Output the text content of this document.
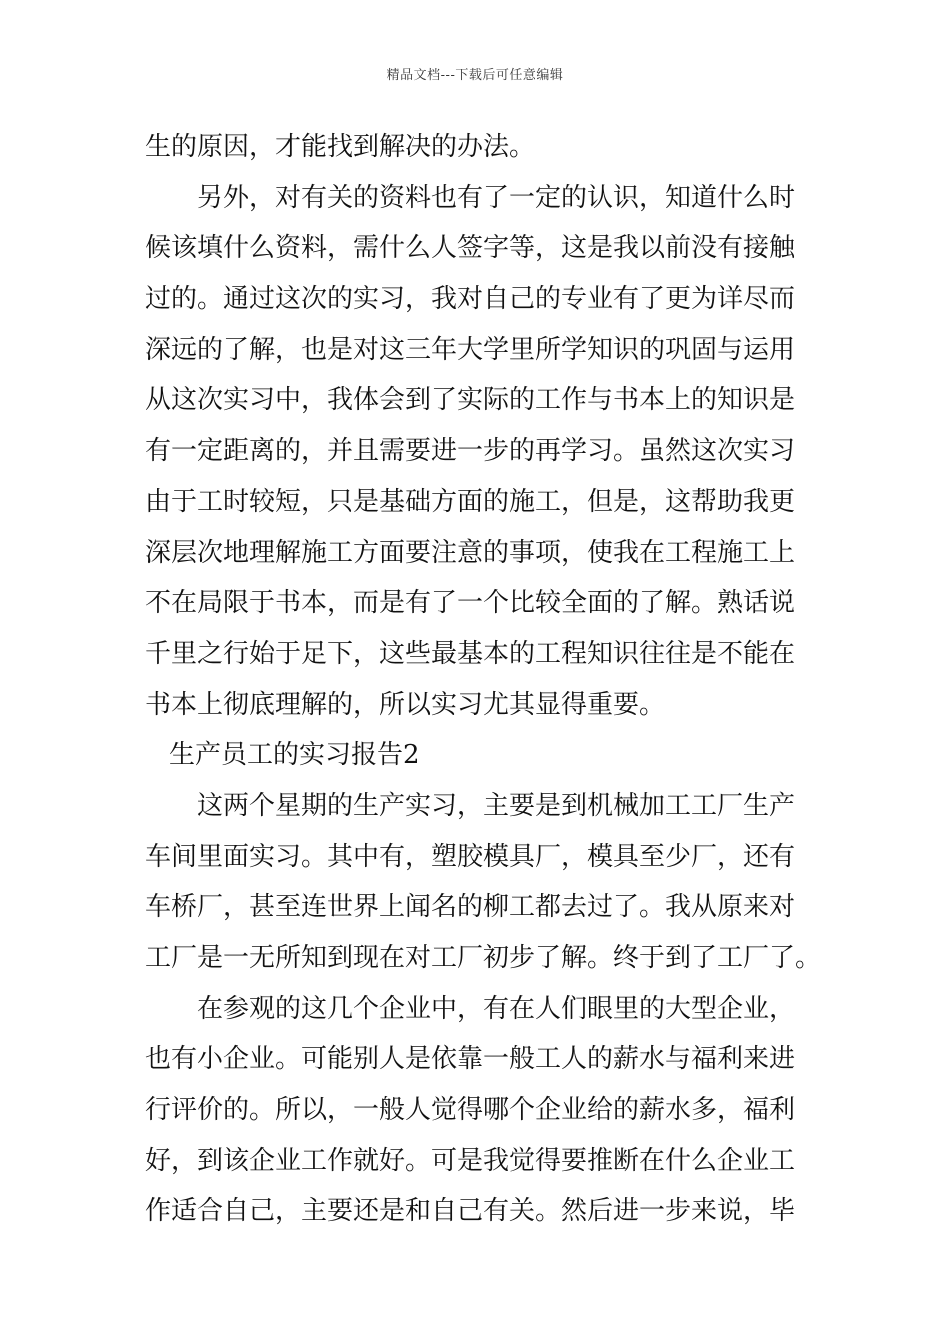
精品文档---下载后可任意编辑
生的原因，才能找到解决的办法。
另外，对有关的资料也有了一定的认识，知道什么时
候该填什么资料，需什么人签字等，这是我以前没有接触
过的。通过这次的实习，我对自己的专业有了更为详尽而
深远的了解，也是对这三年大学里所学知识的巩固与运用
从这次实习中，我体会到了实际的工作与书本上的知识是
有一定距离的，并且需要进一步的再学习。虽然这次实习
由于工时较短，只是基础方面的施工，但是，这帮助我更
深层次地理解施工方面要注意的事项，使我在工程施工上
不在局限于书本，而是有了一个比较全面的了解。熟话说
千里之行始于足下，这些最基本的工程知识往往是不能在
书本上彻底理解的，所以实习尤其显得重要。
生产员工的实习报告2
这两个星期的生产实习，主要是到机械加工工厂生产
车间里面实习。其中有，塑胶模具厂，模具至少厂，还有
车桥厂，甚至连世界上闻名的柳工都去过了。我从原来对
工厂是一无所知到现在对工厂初步了解。终于到了工厂了。
在参观的这几个企业中，有在人们眼里的大型企业，
也有小企业。可能别人是依靠一般工人的薪水与福利来进
行评价的。所以，一般人觉得哪个企业给的薪水多，福利
好，到该企业工作就好。可是我觉得要推断在什么企业工
作适合自己，主要还是和自己有关。然后进一步来说，毕
